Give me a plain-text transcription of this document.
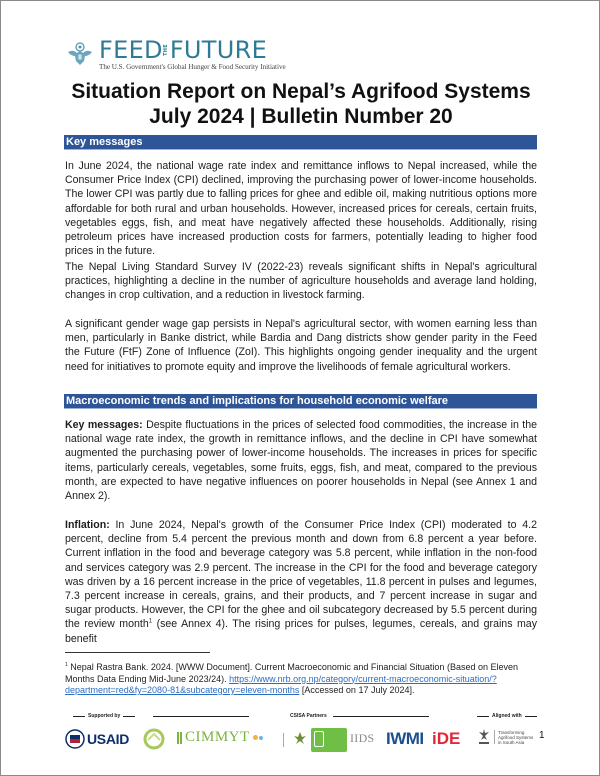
FEED THE FUTURE
The U.S. Government's Global Hunger & Food Security Initiative
Situation Report on Nepal’s Agrifood Systems
July 2024 | Bulletin Number 20
Key messages
In June 2024, the national wage rate index and remittance inflows to Nepal increased, while the Consumer Price Index (CPI) declined, improving the purchasing power of lower-income households. The lower CPI was partly due to falling prices for ghee and edible oil, making nutritious options more affordable for both rural and urban households. However, increased prices for cereals, certain fruits, vegetables eggs, fish, and meat have negatively affected these households. Additionally, rising petroleum prices have increased production costs for farmers, potentially leading to higher food prices in the future.
The Nepal Living Standard Survey IV (2022-23) reveals significant shifts in Nepal's agricultural practices, highlighting a decline in the number of agriculture households and average land holding, changes in crop cultivation, and a reduction in livestock farming.
A significant gender wage gap persists in Nepal's agricultural sector, with women earning less than men, particularly in Banke district, while Bardia and Dang districts show gender parity in the Feed the Future (FtF) Zone of Influence (ZoI). This highlights ongoing gender inequality and the urgent need for initiatives to promote equity and improve the livelihoods of female agricultural workers.
Macroeconomic trends and implications for household economic welfare
Key messages: Despite fluctuations in the prices of selected food commodities, the increase in the national wage rate index, the growth in remittance inflows, and the decline in CPI have somewhat augmented the purchasing power of lower-income households. The increases in prices for specific items, particularly cereals, vegetables, some fruits, eggs, fish, and meat, compared to the previous month, are expected to have negative influences on poorer households in Nepal (see Annex 1 and Annex 2).
Inflation: In June 2024, Nepal's growth of the Consumer Price Index (CPI) moderated to 4.2 percent, decline from 5.4 percent the previous month and down from 6.8 percent a year before. Current inflation in the food and beverage category was 5.8 percent, while inflation in the non-food and services category was 2.9 percent. The increase in the CPI for the food and beverage category was driven by a 16 percent increase in the price of vegetables, 11.8 percent in pulses and legumes, 7.3 percent increase in cereals, grains, and their products, and 7 percent increase in sugar and sugar products. However, the CPI for the ghee and oil subcategory decreased by 5.5 percent during the review month$^1$ (see Annex 4). The rising prices for pulses, legumes, cereals, and grains may benefit
$^1$ Nepal Rastra Bank. 2024. [WWW Document]. Current Macroeconomic and Financial Situation (Based on Eleven Months Data Ending Mid-June 2023/24). https://www.nrb.org.np/category/current-macroeconomic-situation/?department=red&fy=2080-81&subcategory=eleven-months [Accessed on 17 July 2024].
Supported by	CSISA Partners	Aligned with
USAID	CIMMYT	IIDS IWMI iDE	Transforming
Agrifood Systems
in South Asia
1
